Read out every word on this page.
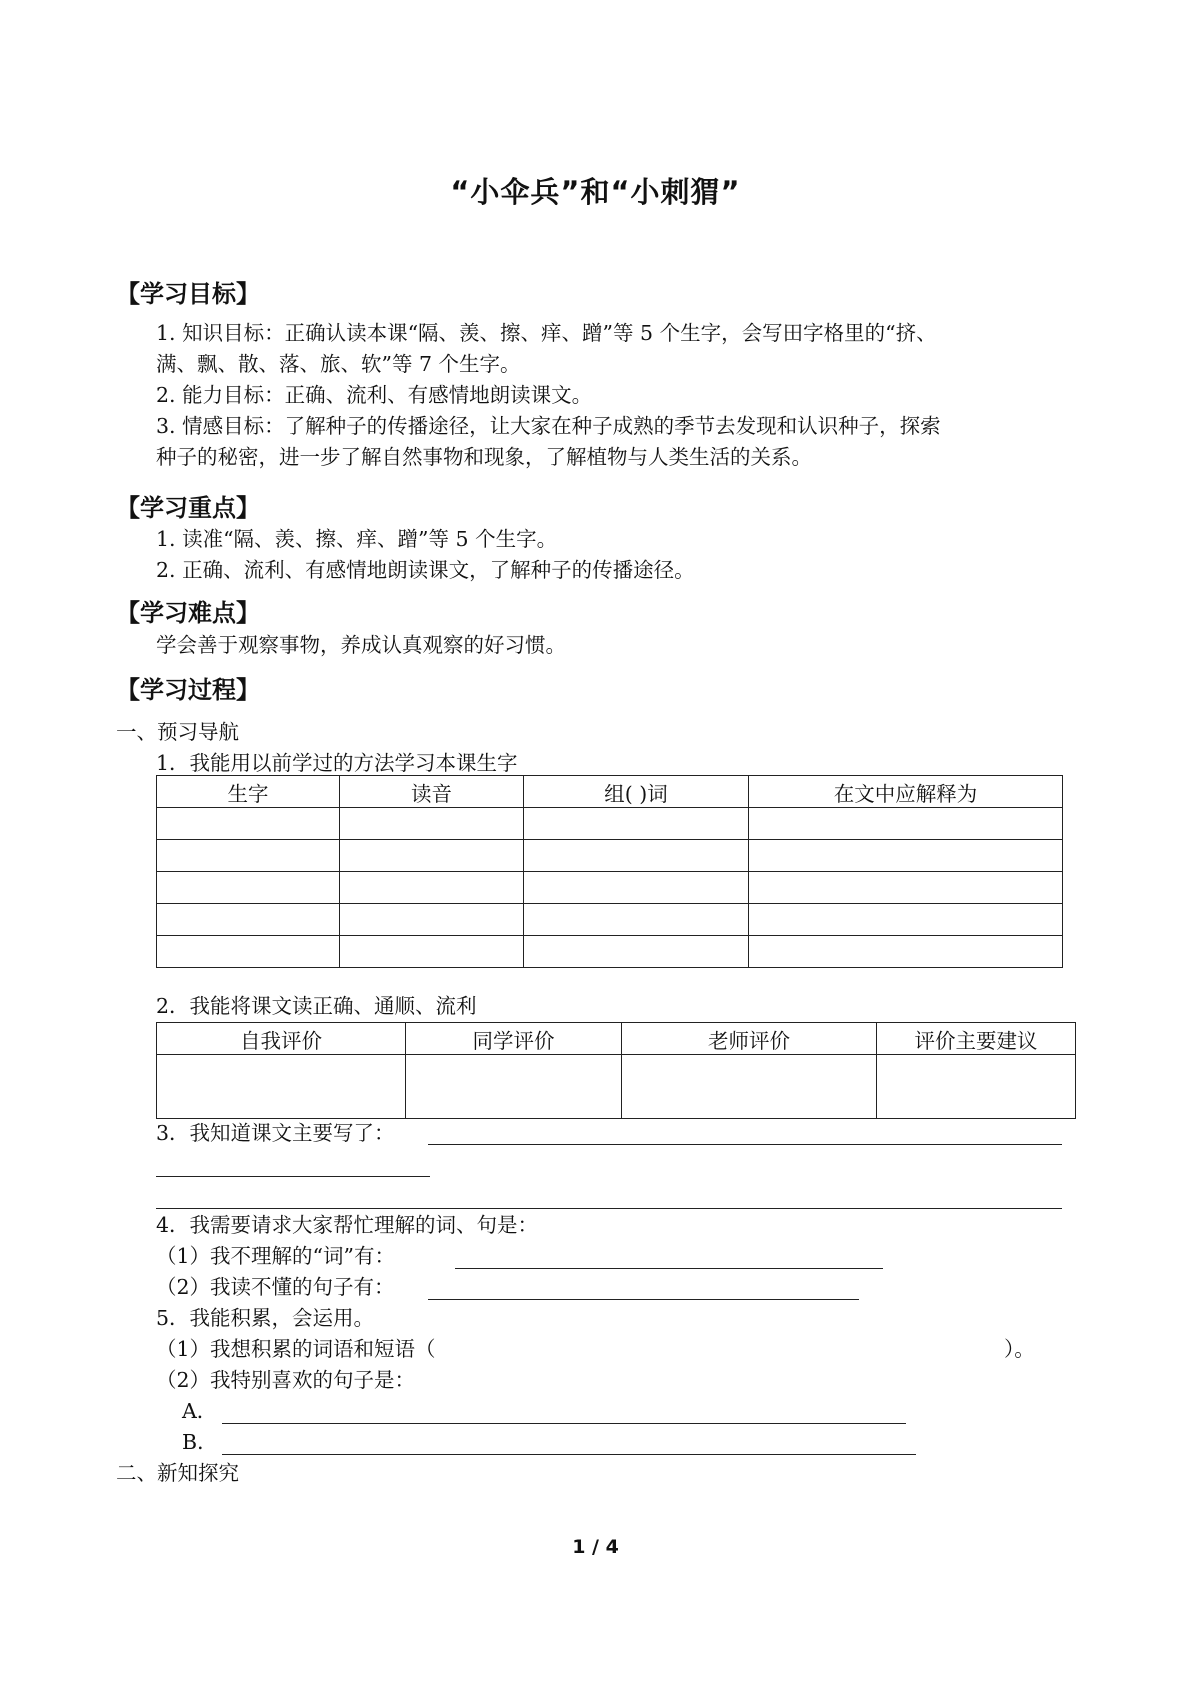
“小伞兵”和“小刺猬”
【学习目标】
1. 知识目标：正确认读本课“隔、羡、擦、痒、蹭”等 5 个生字，会写田字格里的“挤、
满、飘、散、落、旅、软”等 7 个生字。
2. 能力目标：正确、流利、有感情地朗读课文。
3. 情感目标：了解种子的传播途径，让大家在种子成熟的季节去发现和认识种子，探索
种子的秘密，进一步了解自然事物和现象，了解植物与人类生活的关系。
【学习重点】
1. 读准“隔、羡、擦、痒、蹭”等 5 个生字。
2. 正确、流利、有感情地朗读课文，了解种子的传播途径。
【学习难点】
学会善于观察事物，养成认真观察的好习惯。
【学习过程】
一、预习导航
1．我能用以前学过的方法学习本课生字
生字	读音	组( )词	在文中应解释为

2．我能将课文读正确、通顺、流利
自我评价	同学评价	老师评价	评价主要建议

3．我知道课文主要写了：
4．我需要请求大家帮忙理解的词、句是：
（1）我不理解的“词”有：
（2）我读不懂的句子有：
5．我能积累，会运用。
（1）我想积累的词语和短语（	）。
（2）我特别喜欢的句子是：
A．
B．
二、新知探究
1 / 4
